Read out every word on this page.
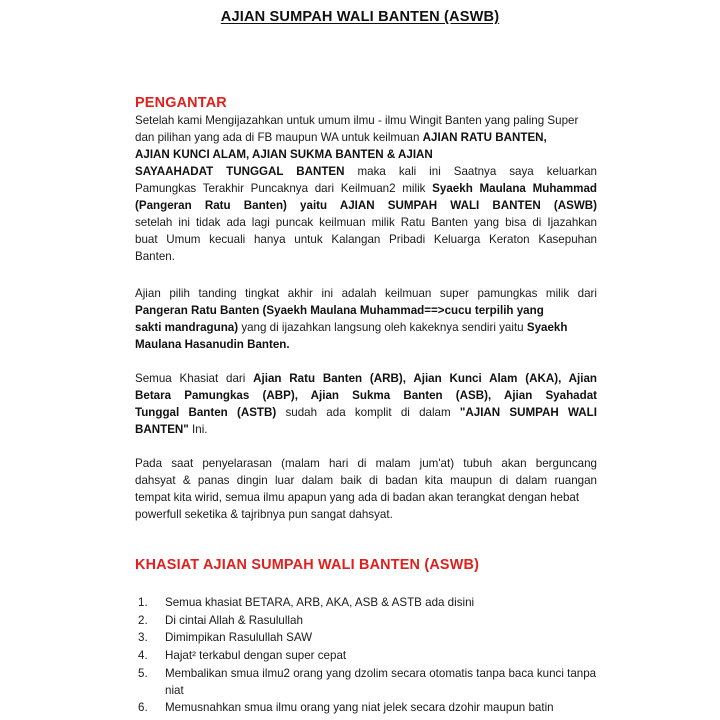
AJIAN SUMPAH WALI BANTEN (ASWB)
PENGANTAR
Setelah kami Mengijazahkan untuk umum ilmu - ilmu Wingit Banten yang paling Super
dan pilihan yang ada di FB maupun WA untuk keilmuan AJIAN RATU BANTEN,
AJIAN KUNCI ALAM, AJIAN SUKMA BANTEN & AJIAN
SAYAAHADAT TUNGGAL BANTEN maka kali ini Saatnya saya keluarkan
Pamungkas Terakhir Puncaknya dari Keilmuan2 milik Syaekh Maulana Muhammad
(Pangeran Ratu Banten) yaitu AJIAN SUMPAH WALI BANTEN (ASWB)
setelah ini tidak ada lagi puncak keilmuan milik Ratu Banten yang bisa di Ijazahkan
buat Umum kecuali hanya untuk Kalangan Pribadi Keluarga Keraton Kasepuhan
Banten.
Ajian pilih tanding tingkat akhir ini adalah keilmuan super pamungkas milik dari
Pangeran Ratu Banten (Syaekh Maulana Muhammad==>cucu terpilih yang
sakti mandraguna) yang di ijazahkan langsung oleh kakeknya sendiri yaitu Syaekh
Maulana Hasanudin Banten.
Semua Khasiat dari Ajian Ratu Banten (ARB), Ajian Kunci Alam (AKA), Ajian
Betara Pamungkas (ABP), Ajian Sukma Banten (ASB), Ajian Syahadat
Tunggal Banten (ASTB) sudah ada komplit di dalam "AJIAN SUMPAH WALI
BANTEN" Ini.
Pada saat penyelarasan (malam hari di malam jum'at) tubuh akan berguncang
dahsyat & panas dingin luar dalam baik di badan kita maupun di dalam ruangan
tempat kita wirid, semua ilmu apapun yang ada di badan akan terangkat dengan hebat
powerfull seketika & tajribnya pun sangat dahsyat.
KHASIAT AJIAN SUMPAH WALI BANTEN (ASWB)
1. Semua khasiat BETARA, ARB, AKA, ASB & ASTB ada disini
2. Di cintai Allah & Rasulullah
3. Dimimpikan Rasulullah SAW
4. Hajat² terkabul dengan super cepat
5. Membalikan smua ilmu2 orang yang dzolim secara otomatis tanpa baca kunci tanpa niat
6. Memusnahkan smua ilmu orang yang niat jelek secara dzohir maupun batin
